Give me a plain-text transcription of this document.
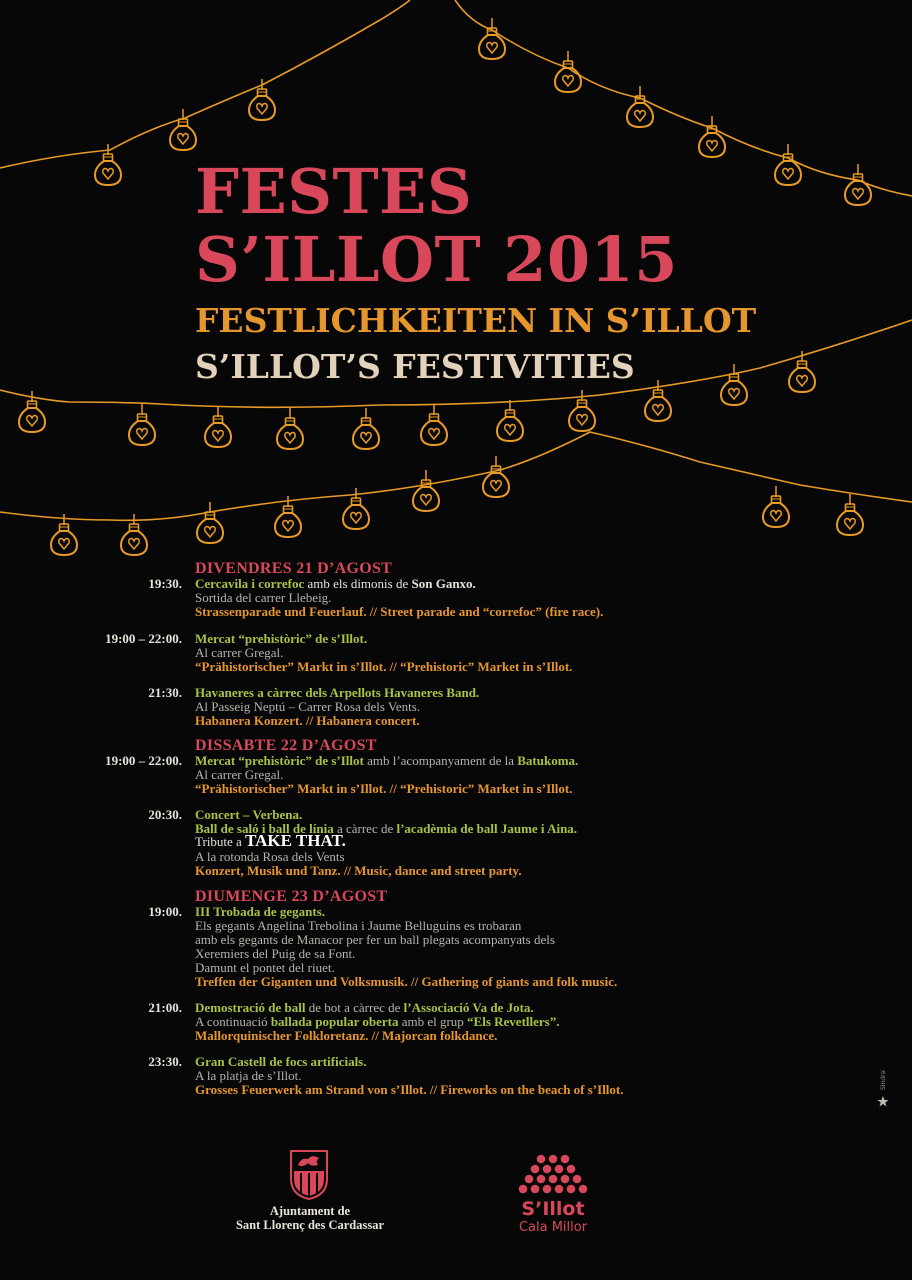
FESTES
S’ILLOT 2015
FESTLICHKEITEN IN S’ILLOT
S’ILLOT’S FESTIVITIES
DIVENDRES 21 D’AGOST
19:30. Cercavila i correfoc amb els dimonis de Son Ganxo.
Sortida del carrer Llebeig.
Strassenparade und Feuerlauf. // Street parade and “correfoc” (fire race).
19:00 – 22:00. Mercat “prehistòric” de s’Illot.
Al carrer Gregal.
“Prähistorischer” Markt in s’Illot. // “Prehistoric” Market in s’Illot.
21:30. Havaneres a càrrec dels Arpellots Havaneres Band.
Al Passeig Neptú – Carrer Rosa dels Vents.
Habanera Konzert. // Habanera concert.
DISSABTE 22 D’AGOST
19:00 – 22:00. Mercat “prehistòric” de s’Illot amb l’acompanyament de la Batukoma.
Al carrer Gregal.
“Prähistorischer” Markt in s’Illot. // “Prehistoric” Market in s’Illot.
20:30. Concert – Verbena.
Ball de saló i ball de línia a càrrec de l’acadèmia de ball Jaume i Aina.
Tribute a TAKE THAT.
A la rotonda Rosa dels Vents
Konzert, Musik und Tanz. // Music, dance and street party.
DIUMENGE 23 D’AGOST
19:00. III Trobada de gegants.
Els gegants Angelina Trebolina i Jaume Belluguins es trobaran
amb els gegants de Manacor per fer un ball plegats acompanyats dels
Xeremiers del Puig de sa Font.
Damunt el pontet del riuet.
Treffen der Giganten und Volksmusik. // Gathering of giants and folk music.
21:00. Demostració de ball de bot a càrrec de l’Associació Va de Jota.
A continuació ballada popular oberta amb el grup “Els Revetllers”.
Mallorquinischer Folkloretanz. // Majorcan folkdance.
23:30. Gran Castell de focs artificials.
A la platja de s’Illot.
Grosses Feuerwerk am Strand von s’Illot. // Fireworks on the beach of s’Illot.	Sindral
Ajuntament de
Sant Llorenç des Cardassar
S’Illot
Cala Millor
